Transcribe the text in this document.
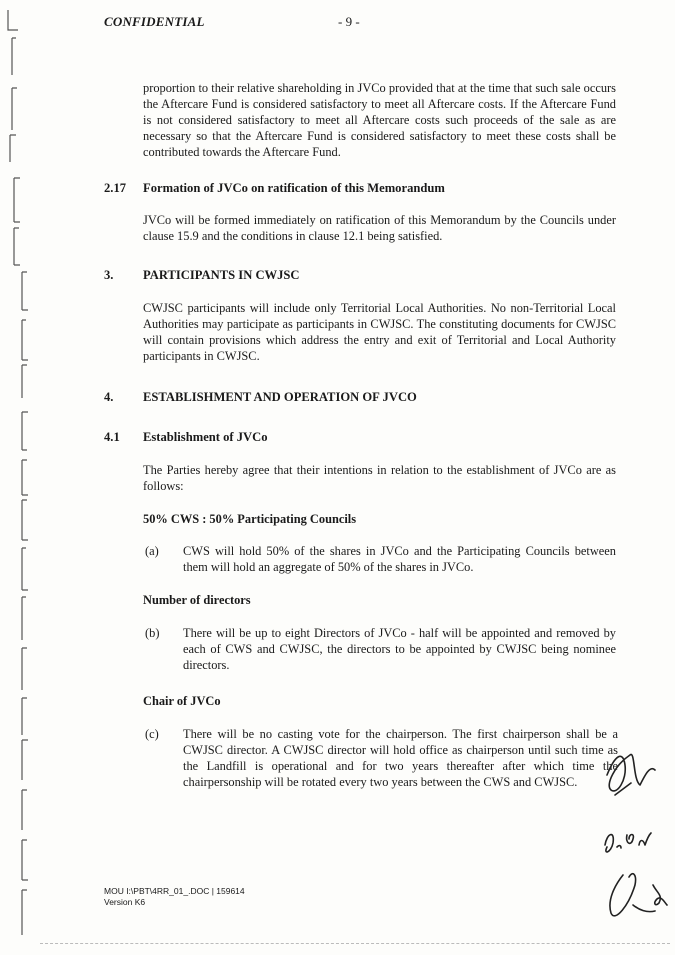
CONFIDENTIAL	- 9 -
proportion to their relative shareholding in JVCo provided that at the time that such sale occurs the Aftercare Fund is considered satisfactory to meet all Aftercare costs. If the Aftercare Fund is not considered satisfactory to meet all Aftercare costs such proceeds of the sale as are necessary so that the Aftercare Fund is considered satisfactory to meet these costs shall be contributed towards the Aftercare Fund.
2.17 Formation of JVCo on ratification of this Memorandum
JVCo will be formed immediately on ratification of this Memorandum by the Councils under clause 15.9 and the conditions in clause 12.1 being satisfied.
3. PARTICIPANTS IN CWJSC
CWJSC participants will include only Territorial Local Authorities. No non-Territorial Local Authorities may participate as participants in CWJSC. The constituting documents for CWJSC will contain provisions which address the entry and exit of Territorial and Local Authority participants in CWJSC.
4. ESTABLISHMENT AND OPERATION OF JVCO
4.1 Establishment of JVCo
The Parties hereby agree that their intentions in relation to the establishment of JVCo are as follows:
50% CWS : 50% Participating Councils
(a) CWS will hold 50% of the shares in JVCo and the Participating Councils between them will hold an aggregate of 50% of the shares in JVCo.
Number of directors
(b) There will be up to eight Directors of JVCo - half will be appointed and removed by each of CWS and CWJSC, the directors to be appointed by CWJSC being nominee directors.
Chair of JVCo
(c) There will be no casting vote for the chairperson. The first chairperson shall be a CWJSC director. A CWJSC director will hold office as chairperson until such time as the Landfill is operational and for two years thereafter after which time the chairpersonship will be rotated every two years between the CWS and CWJSC.
MOU I:\PBT\4RR_01_.DOC | 159614
Version K6
